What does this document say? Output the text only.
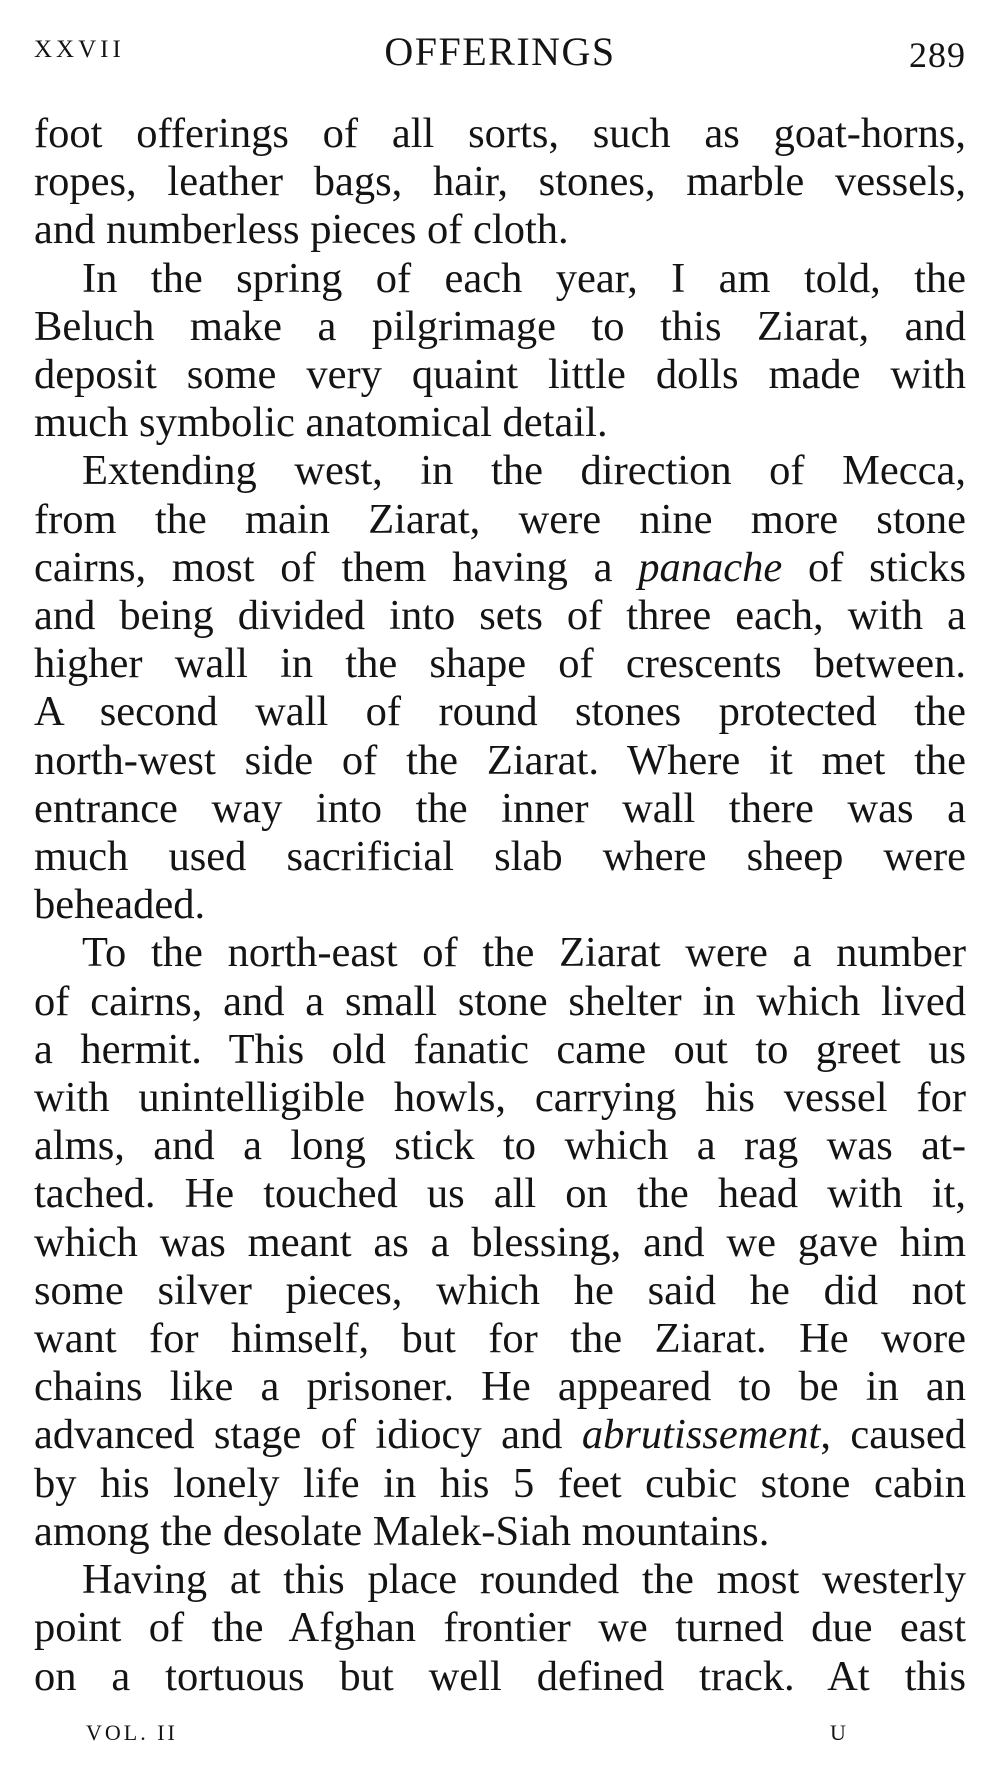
XXVII	OFFERINGS	289

foot offerings of all sorts, such as goat-horns,
ropes, leather bags, hair, stones, marble vessels,
and numberless pieces of cloth.

In the spring of each year, I am told, the
Beluch make a pilgrimage to this Ziarat, and
deposit some very quaint little dolls made with
much symbolic anatomical detail.

Extending west, in the direction of Mecca,
from the main Ziarat, were nine more stone
cairns, most of them having a panache of sticks
and being divided into sets of three each, with a
higher wall in the shape of crescents between.
A second wall of round stones protected the
north-west side of the Ziarat. Where it met the
entrance way into the inner wall there was a
much used sacrificial slab where sheep were
beheaded.

To the north-east of the Ziarat were a number
of cairns, and a small stone shelter in which lived
a hermit. This old fanatic came out to greet us
with unintelligible howls, carrying his vessel for
alms, and a long stick to which a rag was at-
tached. He touched us all on the head with it,
which was meant as a blessing, and we gave him
some silver pieces, which he said he did not
want for himself, but for the Ziarat. He wore
chains like a prisoner. He appeared to be in an
advanced stage of idiocy and abrutissement, caused
by his lonely life in his 5 feet cubic stone cabin
among the desolate Malek-Siah mountains.

Having at this place rounded the most westerly
point of the Afghan frontier we turned due east
on a tortuous but well defined track. At this

VOL. II	U
